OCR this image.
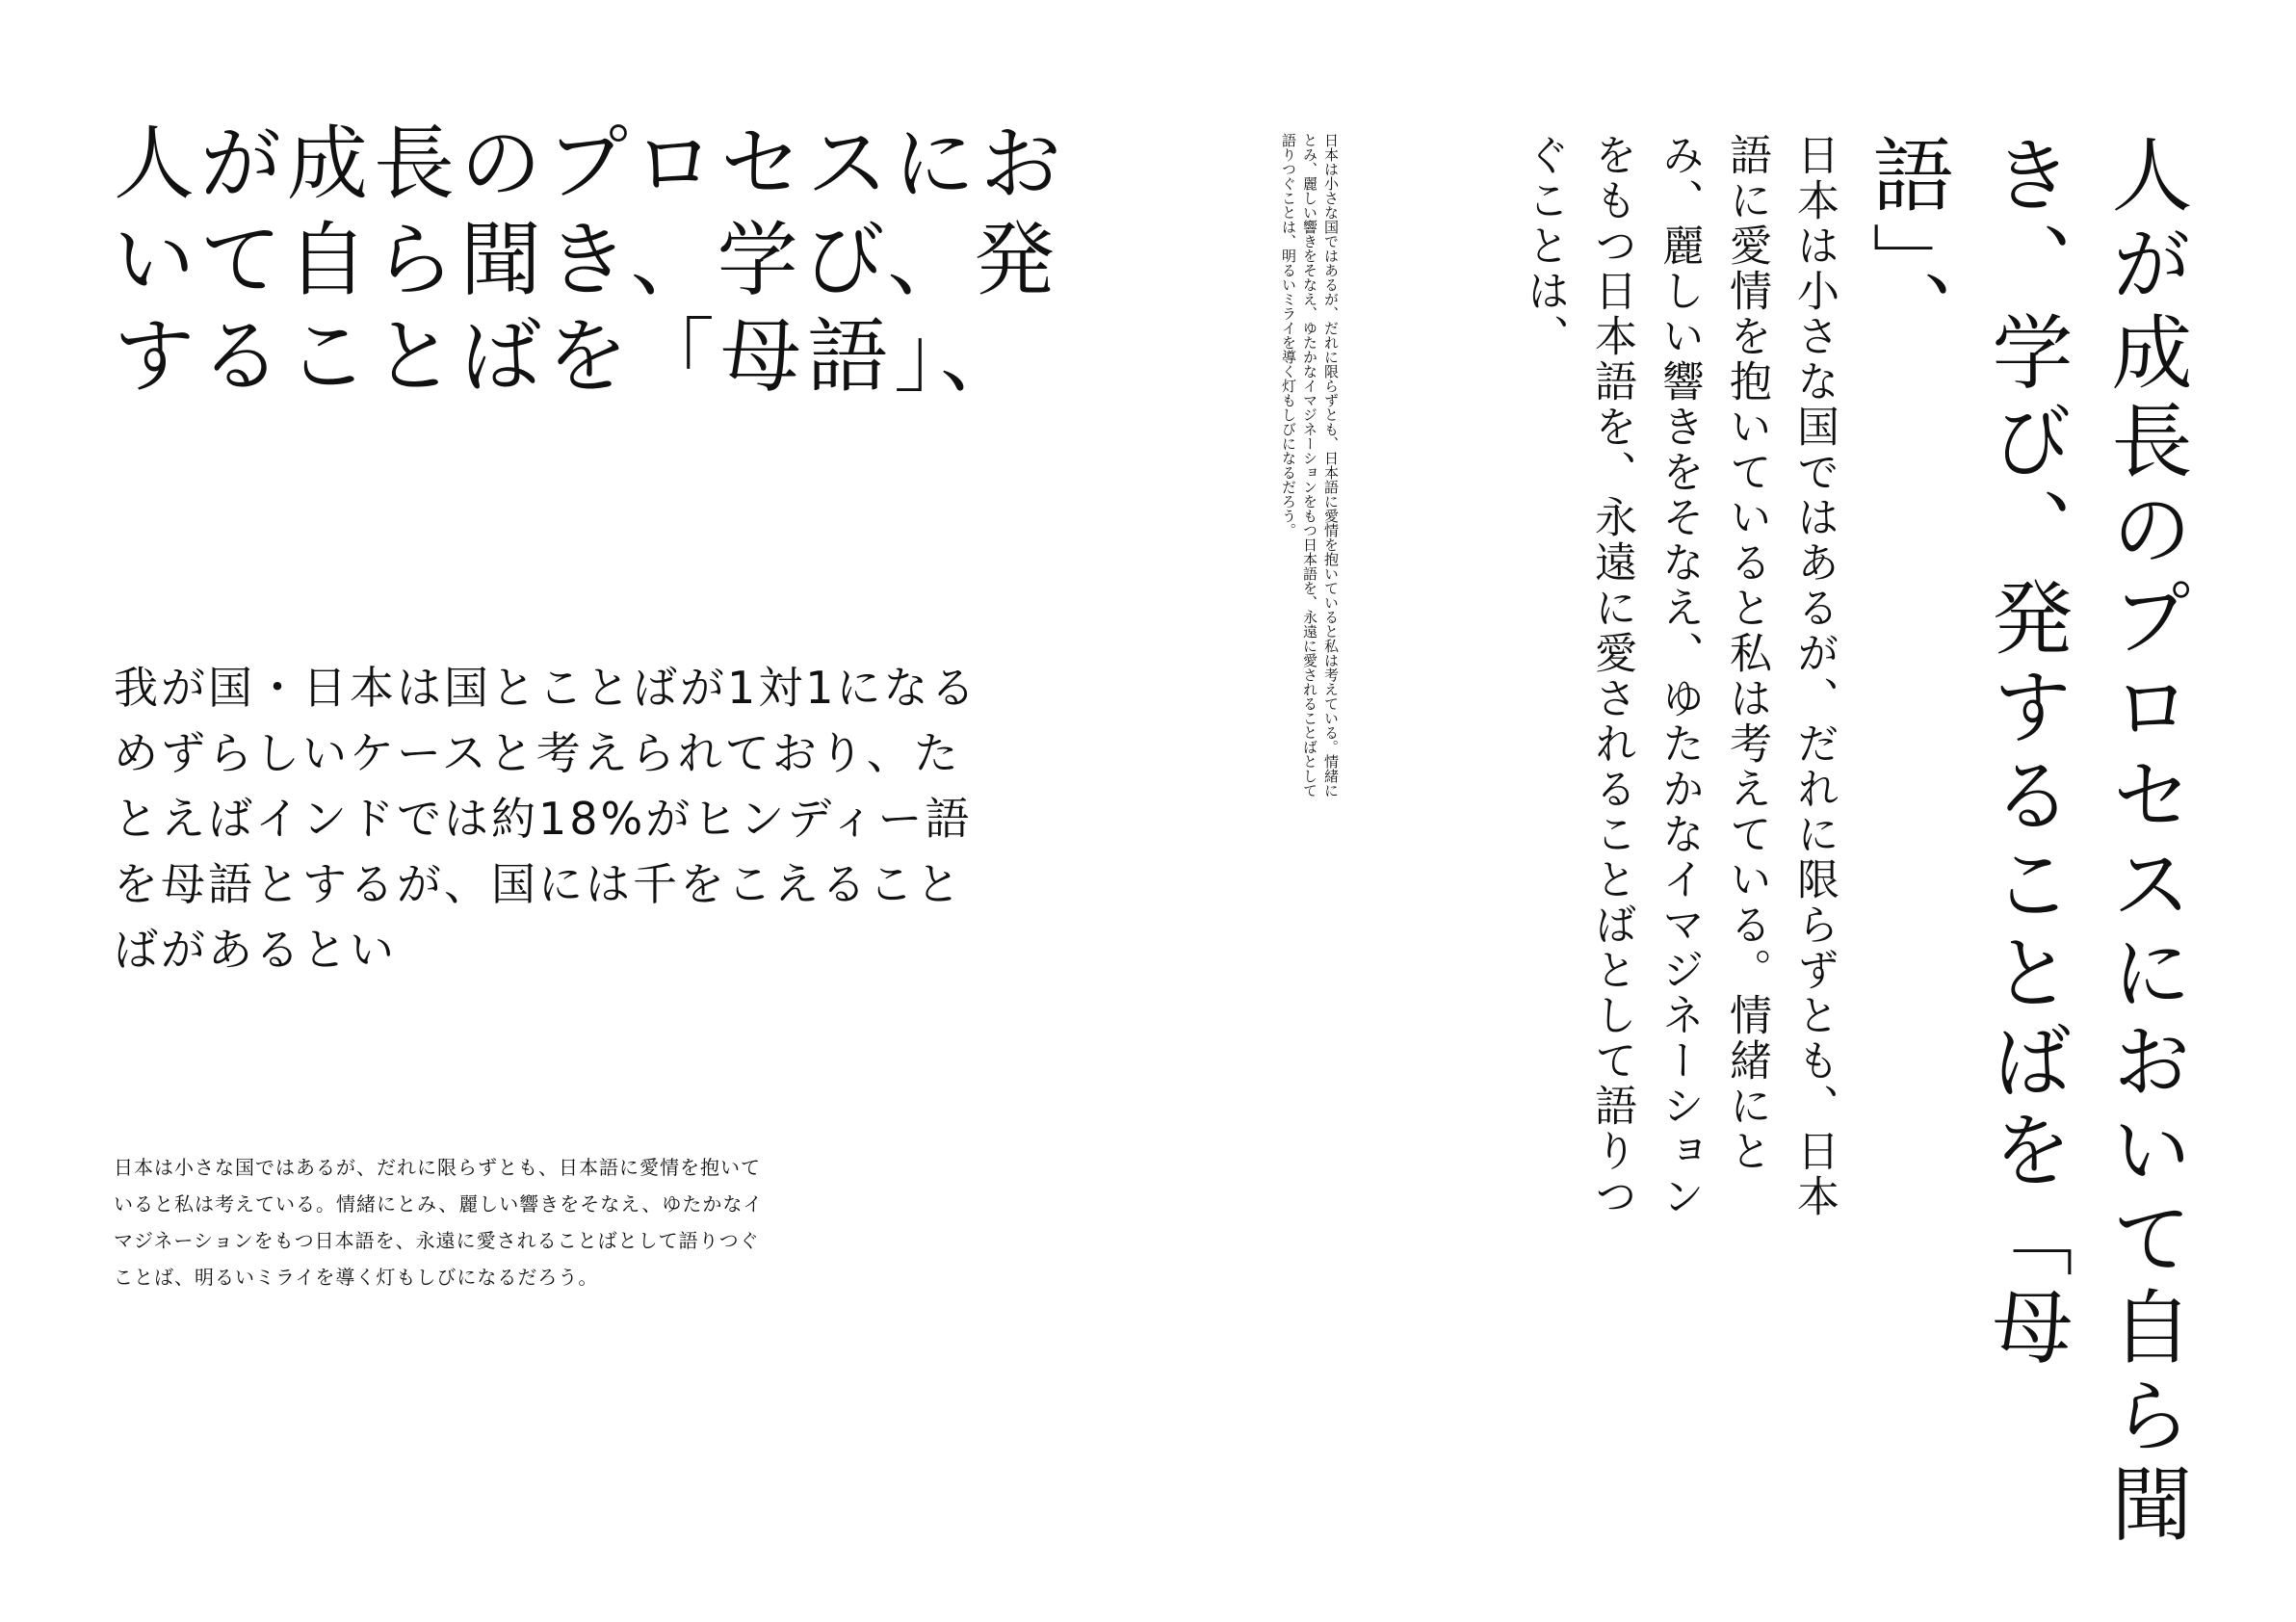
人が成長のプロセスにおいて自ら聞き、学び、発することばを「母語」、

我が国・日本は国とことばが1対1になるめずらしいケースと考えられており、たとえばインドでは約18%がヒンディー語を母語とするが、国には千をこえることばがあるとい

日本は小さな国ではあるが、だれに限らずとも、日本語に愛情を抱いていると私は考えている。情緒にとみ、麗しい響きをそなえ、ゆたかなイマジネーションをもつ日本語を、永遠に愛されることばとして語りつぐことば、明るいミライを導く灯もしびになるだろう。

日本は小さな国ではあるが、だれに限らずとも、日本語に愛情を抱いていると私は考えている。情緒にとみ、麗しい響きをそなえ、ゆたかなイマジネーションをもつ日本語を、永遠に愛されることばとして語りつぐことは、明るいミライを導く灯もしびになるだろう。	日本は小さな国ではあるが、だれに限らずとも、日本語に愛情を抱いていると私は考えている。情緒にとみ、麗しい響きをそなえ、ゆたかなイマジネーションをもつ日本語を、永遠に愛されることばとして語りつぐことは、	人が成長のプロセスにおいて自ら聞き、学び、発することばを「母語」、
